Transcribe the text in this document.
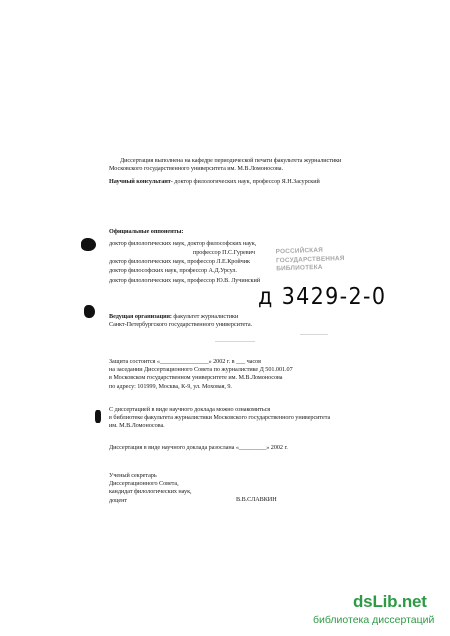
Диссертация выполнена на кафедре периодической печати факультета журналистики
Московского государственного университета им. М.В.Ломоносова.
Научный консультант- доктор филологических наук, профессор Я.Н.Засурский
Официальные оппоненты:
доктор филологических наук, доктор философских наук,
профессор П.С.Гуревич
доктор филологических наук, профессор Л.Е.Кройчик
доктор философских наук, профессор А.Д.Урсул.
доктор филологических наук, профессор Ю.В. Лучинский
Ведущая организация: факультет журналистики
Санкт-Петербургского государственного университета.
Защита состоится «________________» 2002 г. в ___ часов
на заседании Диссертационного Совета по журналистике Д 501.001.07
в Московском государственном университете им. М.В.Ломоносова
по адресу: 101999, Москва, К-9, ул. Моховая, 9.
С диссертацией в виде научного доклада можно ознакомиться
в библиотеке факультета журналистики Московского государственного университета
им. М.В.Ломоносова.
Диссертация в виде научного доклада разослана «_________» 2002 г.
Ученый секретарь
Диссертационного Совета,
кандидат филологических наук,
доцент	В.В.СЛАВКИН
РОССИЙСКАЯ
ГОСУДАРСТВЕННАЯ
БИБЛИОТЕКА
д 3429-2-0
dsLib.net
библиотека диссертаций
